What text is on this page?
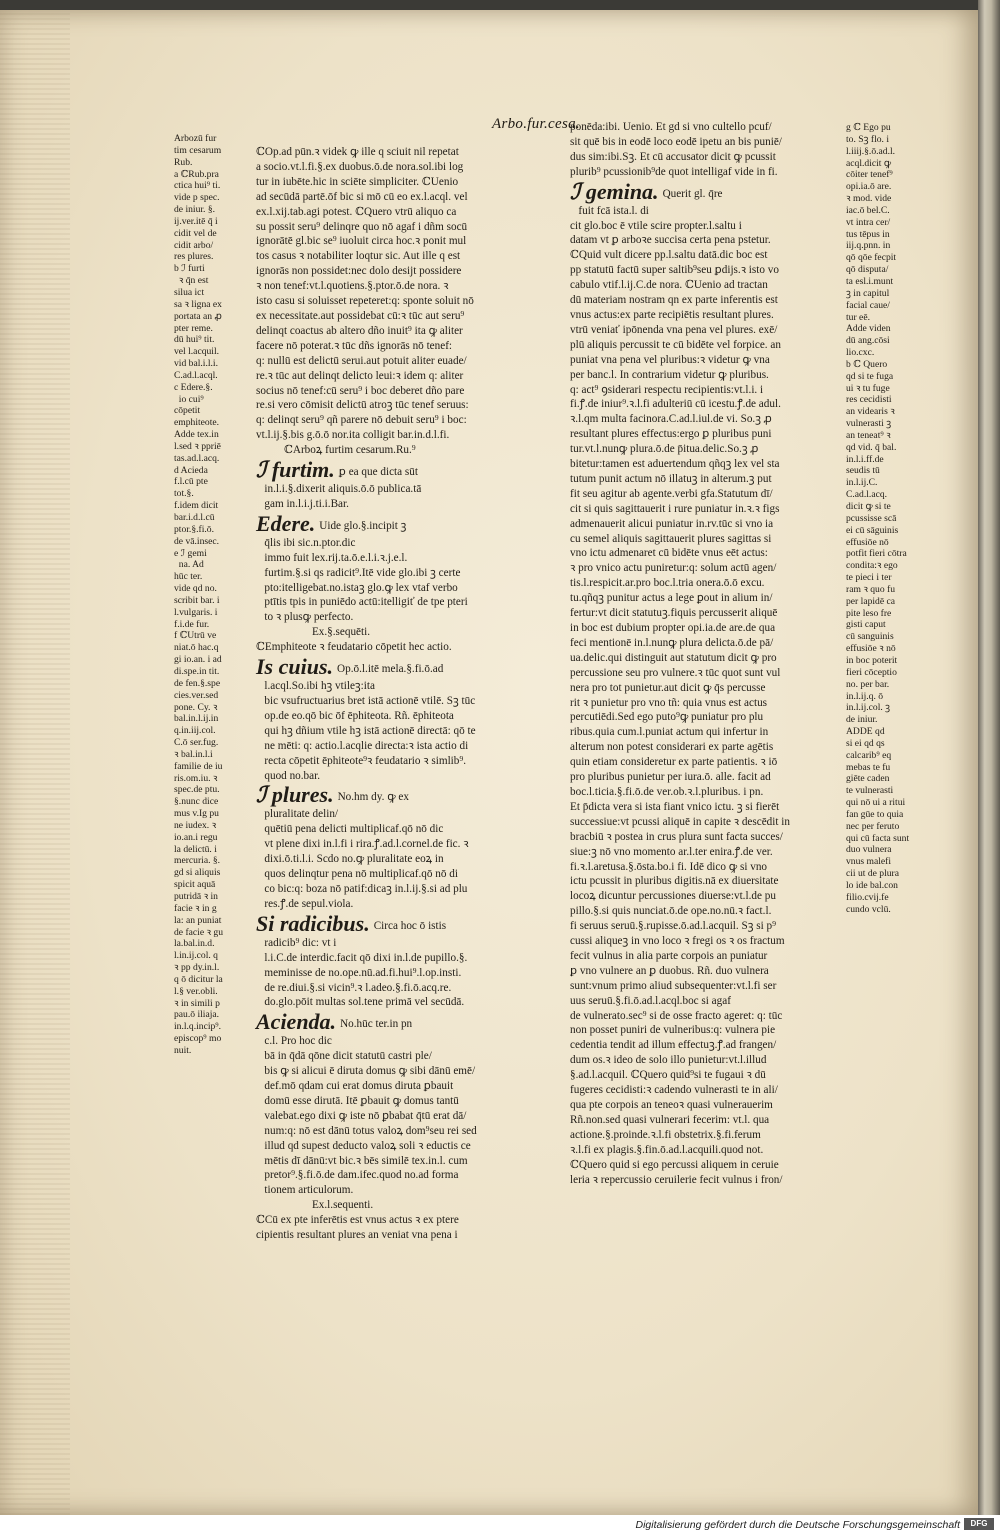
Arbo.fur.cesa.
Arbozū fur
tim cesarum
Rub.
a ℂRub.pra
ctica hui⁹ ti.
vide p spec.
de iniur. §.
ij.ver.itē q̄ i
cidit vel de
cidit arbo/
res plures.
b ℐ furti
ꝛ q̄n est
silua ict
sa ꝛ ligna ex
portata an ꝓ
pter reme.
dū hui⁹ tit.
vel l.acquil.
vid bal.i.l.i.
C.ad.l.acql.
c Edere.§.
io cui⁹
cōpetit
emphiteote.
Adde tex.in
l.sed ꝛ ppriē
tas.ad.l.acq.
d Acieda
f.l.cū pte
tot.§.
f.idem dicit
bar.i.d.l.cū
ptor.§.fi.ō.
de vā.insec.
e ℐ gemi
na. Ad
hūc ter.
vide qd no.
scribit bar. i
l.vulgaris. i
f.i.de fur.
f ℂUtrū ve
niat.ō hac.q
gi io.an. i ad
di.spe.in tit.
de fen.§.spe
cies.ver.sed
pone. Cy. ꝛ
bal.in.l.ij.in
q.in.iij.col.
C.ō ser.fug.
ꝛ bal.in.l.i
familie de iu
ris.om.iu. ꝛ
spec.de ptu.
§.nunc dice
mus v.Ig pu
ne iudex. ꝛ
io.an.i regu
la delictū. i
mercuria. §.
gd si aliquis
spicit aquā
putridā ꝛ in
facie ꝛ in g
la: an puniat
de facie ꝛ gu
la.bal.in.d.
l.in.ij.col. q
ꝛ pp dy.in.l.
q ō dicitur la
l.§ ver.obli.
ꝛ in simili p
pau.ō iliaja.
in.l.q.incip⁹.
episcop⁹ mo
nuit.

ℂOp.ad pūn.ꝛ videk ꝙ ille q sciuit nil repetat

a socio.vt.l.fi.§.ex duobus.ō.de nora.sol.ibi log

tur in iubēte.hic in sciēte simpliciter. ℂUenio

ad secūdā partē.ōf bic si mō cū eo ex.l.acql. vel

ex.l.xij.tab.agi potest. ℂQuero vtrū aliquo ca

su possit seru⁹ delinqre quo nō agaf i dñm socū

ignorātē gl.bic se⁹ iuoluit circa hoc.ꝛ ponit mul

tos casus ꝛ notabiliter loqtur sic. Aut ille q est

ignorās non possidet:nec dolo desijt possidere

ꝛ non tenef:vt.l.quotiens.§.ptor.ō.de nora. ꝛ

isto casu si soluisset repeteret:q: sponte soluit nō

ex necessitate.aut possidebat cū:ꝛ tūc aut seru⁹

delinqt coactus ab altero dño inuit⁹ ita ꝙ aliter

facere nō poterat.ꝛ tūc dñs ignorās nō tenef:

q: nullū est delictū serui.aut potuit aliter euade/

re.ꝛ tūc aut delinqt delicto leui:ꝛ idem q: aliter

socius nō tenef:cū seru⁹ i boc deberet dño pare

re.si vero cōmisit delictū atroꝫ tūc tenef seruus:

q: delinqt seru⁹ qñ parere nō debuit seru⁹ i boc:

vt.l.ij.§.bis g.ō.ō nor.ita colligit bar.in.d.l.fi.

ℂArboꝝ furtim cesarum.Ru.⁹

ℐ furtim. ꝑ ea que dicta sūt

in.l.i.§.dixerit aliquis.ō.ō publica.tā

gam in.l.i.j.ti.i.Bar.

Edere. Uide glo.§.incipit ꝫ

q̄lis ibi sic.n.ptor.dic

immo fuit lex.rij.ta.ō.e.l.i.ꝛ.j.e.l.

furtim.§.si qs radicit⁹.Itē vide glo.ibi ꝫ certe

pto:itelligebat.no.istaꝫ glo.ꝙ lex vtaf verbo

ptītis tpis in puniēdo actū:itelligiť de tpe pteri

to ꝛ plusꝙ perfecto.

Ex.§.sequēti.

ℂEmphiteote ꝛ feudatario cōpetit hec actio.

Is cuius. Op.ō.l.itē mela.§.fi.ō.ad

l.acql.So.ibi hꝫ vtileꝫ:ita

bic vsufructuarius bret istā actionē vtilē. Sꝫ tūc

op.de eo.qō bic ōf ēphiteota. Rñ. ēphiteota

qui hꝫ dñium vtile hꝫ istā actionē directā: qō te

ne mēti: q: actio.l.acqlie directa:ꝛ ista actio di

recta cōpetit ēphiteote⁹ꝛ feudatario ꝛ simlib⁹.

quod no.bar.

ℐ plures. No.hm dy. ꝙ ex

pluralitate delin/

quētiū pena delicti multiplicaf.qō nō dic

vt plene dixi in.l.fi i rira.ꝭ.ad.l.cornel.de fic. ꝛ

dixi.ō.ti.l.i. Scdo no.ꝙ pluralitate eoꝝ in

quos delinqtur pena nō multiplicaf.qō nō di

co bic:q: boza nō patif:dicaꝫ in.l.ij.§.si ad plu

res.ꝭ.de sepul.viola.

Si radicibus. Circa hoc ō istis

radicib⁹ dic: vt i

l.i.C.de interdic.facit qō dixi in.l.de pupillo.§.

meminisse de no.ope.nū.ad.fi.hui⁹.l.op.insti.

de re.diui.§.si vicin⁹.ꝛ l.adeo.§.fi.ō.acq.re.

do.glo.pōit multas sol.tene primā vel secūdā.

Acienda. No.hūc ter.in pn

c.l. Pro hoc dic

bā in q̄dā qōne dicit statutū castri ple/

bis ꝙ si alicui ē diruta domus ꝙ sibi dānū emē/

def.mō qdam cui erat domus diruta ꝑbauit

domū esse dirutā. Itē ꝑbauit ꝙ domus tantū

valebat.ego dixi ꝙ iste nō ꝑbabat q̄tū erat dā/

num:q: nō est dānū totus valoꝝ dom⁹seu rei sed

illud qd supest deducto valoꝝ soli ꝛ eductis ce

mētis dī dānū:vt bic.ꝛ bēs similē tex.in.l. cum

pretor⁹.§.fi.ō.de dam.ifec.quod no.ad forma

tionem articulorum.

Ex.l.sequenti.

ℂCū ex pte inferētis est vnus actus ꝛ ex ptere

cipientis resultant plures an veniat vna pena i

ponēda:ibi. Uenio. Et gd si vno cultello pcuf/

sit quē bis in eodē loco eodē ipetu an bis puniē/

dus sim:ibi.Sꝫ. Et cū accusator dicit ꝙ pcussit

plurib⁹ pcussionib⁹de quot intelligaf vide in fi.

ℐ gemina. Querit gl. q̄re

fuit fcā ista.l. di

cit glo.boc ē vtile scire propter.l.saltu i

datam vt ꝑ arboꝛe succisa certa pena pstetur.

ℂQuid vult dicere pp.l.saltu datā.dic boc est

pp statutū factū super saltib⁹seu ꝑdijs.ꝛ isto vo

cabulo vtif.l.ij.C.de nora. ℂUenio ad tractan

dū materiam nostram qn ex parte inferentis est

vnus actus:ex parte recipiētis resultant plures.

vtrū veniať ipōnenda vna pena vel plures. exē/

plū aliquis percussit te cū bidēte vel forpice. an

puniat vna pena vel pluribus:ꝛ videtur ꝙ vna

per banc.l. In contrarium videtur ꝙ pluribus.

q: act⁹ ꝯsiderari respectu recipientis:vt.l.i. i

fi.ꝭ.de iniur⁹.ꝛ.l.fi adulteriū cū icestu.ꝭ.de adul.

ꝛ.l.qm multa facinora.C.ad.l.iul.de vi. So.ꝫ ꝓ

resultant plures effectus:ergo ꝑ pluribus puni

tur.vt.l.nunꝙ plura.ō.de p̄itua.delic.So.ꝫ ꝓ

bitetur:tamen est aduertendum qñqꝫ lex vel sta

tutum punit actum nō illatuꝫ in alterum.ꝫ put

fit seu agitur ab agente.verbi gfa.Statutum dī/

cit si quis sagittauerit i rure puniatur in.ꝛ.ꝛ figs

admenauerit alicui puniatur in.rv.tūc si vno ia

cu semel aliquis sagittauerit plures sagittas si

vno ictu admenaret cū bidēte vnus eēt actus:

ꝛ pro vnico actu puniretur:q: solum actū agen/

tis.l.respicit.ar.pro boc.l.tria onera.ō.ō excu.

tu.qñqꝫ punitur actus a lege ꝑout in alium in/

fertur:vt dicit statutuꝫ.fiquis percusserit aliquē

in boc est dubium propter opi.ia.de are.de qua

feci mentionē in.l.nunꝙ plura delicta.ō.de pā/

ua.delic.qui distinguit aut statutum dicit ꝙ pro

percussione seu pro vulnere.ꝛ tūc quot sunt vul

nera pro tot punietur.aut dicit ꝙ q̄s percusse

rit ꝛ punietur pro vno tñ: quia vnus est actus

percutiēdi.Sed ego puto⁹ꝙ puniatur pro plu

ribus.quia cum.l.puniat actum qui infertur in

alterum non potest considerari ex parte agētis

quin etiam consideretur ex parte patientis. ꝛ iō

pro pluribus punietur per iura.ō. alle. facit ad

boc.l.ticia.§.fi.ō.de ver.ob.ꝛ.l.pluribus. i pn.

Et p̄dicta vera si ista fiant vnico ictu. ꝫ si fierēt

successiue:vt pcussi aliquē in capite ꝛ descēdit in

bracbiū ꝛ postea in crus plura sunt facta succes/

siue:ꝫ nō vno momento ar.l.ter enira.ꝭ.de ver.

fi.ꝛ.l.aretusa.§.ōsta.bo.i fi. Idē dico ꝙ si vno

ictu pcussit in pluribus digitis.nā ex diuersitate

locoꝝ dicuntur percussiones diuerse:vt.l.de pu

pillo.§.si quis nunciat.ō.de ope.no.nū.ꝛ fact.l.

fi seruus seruū.§.rupisse.ō.ad.l.acquil. Sꝫ si p⁹

cussi aliqueꝫ in vno loco ꝛ fregi os ꝛ os fractum

fecit vulnus in alia parte corpois an puniatur

ꝑ vno vulnere an ꝑ duobus. Rñ. duo vulnera

sunt:vnum primo aliud subsequenter:vt.l.fi ser

uus seruū.§.fi.ō.ad.l.acql.boc si agaf

de vulnerato.sec⁹ si de osse fracto ageret: q: tūc

non posset puniri de vulneribus:q: vulnera pie

cedentia tendit ad illum effectuꝫ.ꝭ.ad frangen/

dum os.ꝛ ideo de solo illo punietur:vt.l.illud

§.ad.l.acquil. ℂQuero quid⁹si te fugaui ꝛ dū

fugeres cecidisti:ꝛ cadendo vulnerasti te in ali/

qua pte corpois an teneoꝛ quasi vulnerauerim

Rñ.non.sed quasi vulnerari fecerim: vt.l. qua

actione.§.proinde.ꝛ.l.fi obstetrix.§.fi.ferum

ꝛ.l.fi ex plagis.§.fin.ō.ad.l.acquili.quod not.

ℂQuero quid si ego percussi aliquem in ceruie

leria ꝛ repercussio ceruilerie fecit vulnus i fron/

g ℂ Ego pu
to. Sꝫ flo. i
l.iiij.§.ō.ad.l.
acql.dicit ꝙ
cōiter tenef⁹
opi.ia.ō are.
ꝛ mod. vide
iac.ō bel.C.
vt intra cer/
tus tēpus in
iij.q.pnn. in
qō qōe fecpit
qō disputa/
ta esl.i.munt
ꝫ in capitul
facial caue/
tur eē.
Adde viden
dū ang.cōsi
lio.cxc.
b ℂ Quero
qd si te fuga
ui ꝛ tu fuge
res cecidisti
an videaris ꝛ
vulnerasti ꝫ
an teneat⁹ ꝛ
qd vid. q̄ bal.
in.l.i.ff.de
seudis tū
in.l.ij.C.
C.ad.l.acq.
dicit ꝙ si te
pcussisse scā
ei cū sāguinis
effusiōe nō
potfit fieri cōtra
condita:ꝛ ego
te pieci i ter
ram ꝛ quo fu
per lapidē ca
pite leso fre
gisti caput
cū sanguinis
effusiōe ꝛ nō
in boc poterit
fieri cōceptio
no. per bar.
in.l.ij.q. ō
in.l.ij.col. ꝫ
de iniur.
ADDE qd
si ei qd qs
calcarib⁹ eq
mebas te fu
giēte caden
te vulnerasti
qui nō ui a ritui
fan gūe to quia
nec per feruto
qui cū facta sunt
duo vulnera
vnus malefi
cii ut de plura
lo ide bal.con
filio.cvij.fe
cundo vclū.
Digitalisierung gefördert durch die Deutsche Forschungsgemeinschaft	DFG
